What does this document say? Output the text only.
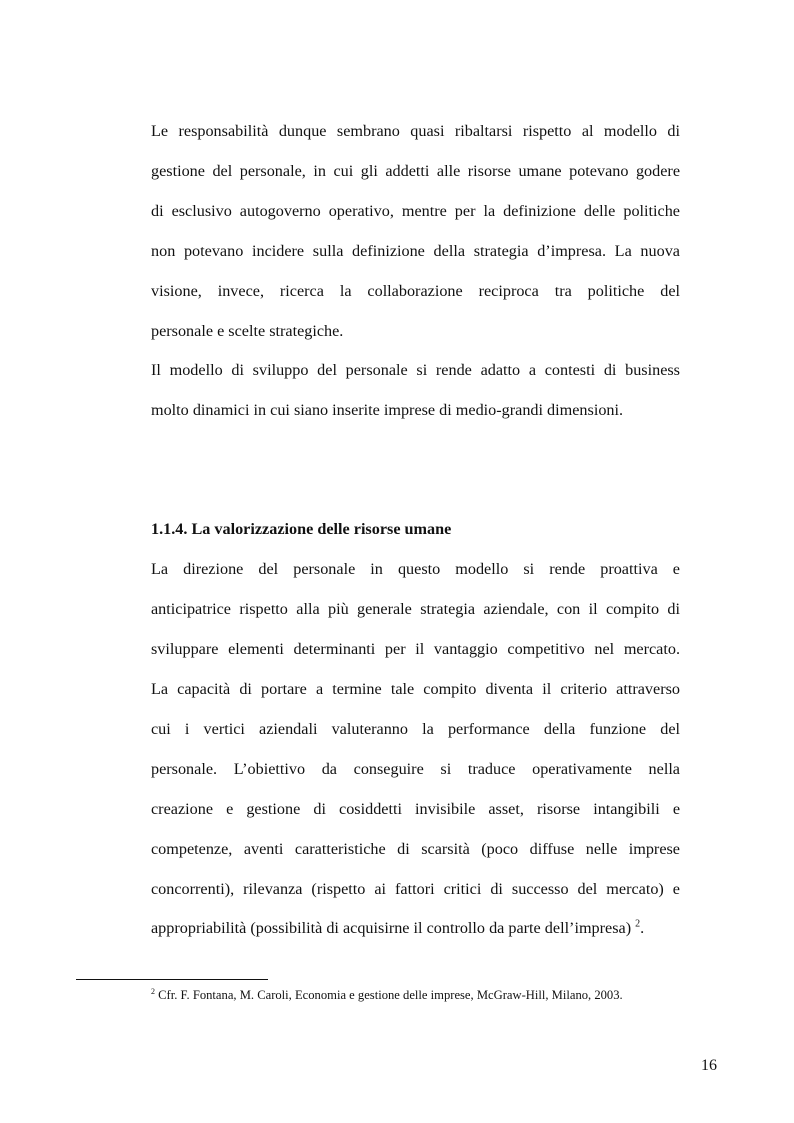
Le responsabilità dunque sembrano quasi ribaltarsi rispetto al modello di
gestione del personale, in cui gli addetti alle risorse umane potevano godere
di esclusivo autogoverno operativo, mentre per la definizione delle politiche
non potevano incidere sulla definizione della strategia d’impresa. La nuova
visione, invece, ricerca la collaborazione reciproca tra politiche del
personale e scelte strategiche.
Il modello di sviluppo del personale si rende adatto a contesti di business
molto dinamici in cui siano inserite imprese di medio-grandi dimensioni.
1.1.4. La valorizzazione delle risorse umane
La direzione del personale in questo modello si rende proattiva e
anticipatrice rispetto alla più generale strategia aziendale, con il compito di
sviluppare elementi determinanti per il vantaggio competitivo nel mercato.
La capacità di portare a termine tale compito diventa il criterio attraverso
cui i vertici aziendali valuteranno la performance della funzione del
personale. L’obiettivo da conseguire si traduce operativamente nella
creazione e gestione di cosiddetti invisibile asset, risorse intangibili e
competenze, aventi caratteristiche di scarsità (poco diffuse nelle imprese
concorrenti), rilevanza (rispetto ai fattori critici di successo del mercato) e
appropriabilità (possibilità di acquisirne il controllo da parte dell’impresa) $^2$.
$^2$ Cfr. F. Fontana, M. Caroli, Economia e gestione delle imprese, McGraw-Hill, Milano, 2003.
16
